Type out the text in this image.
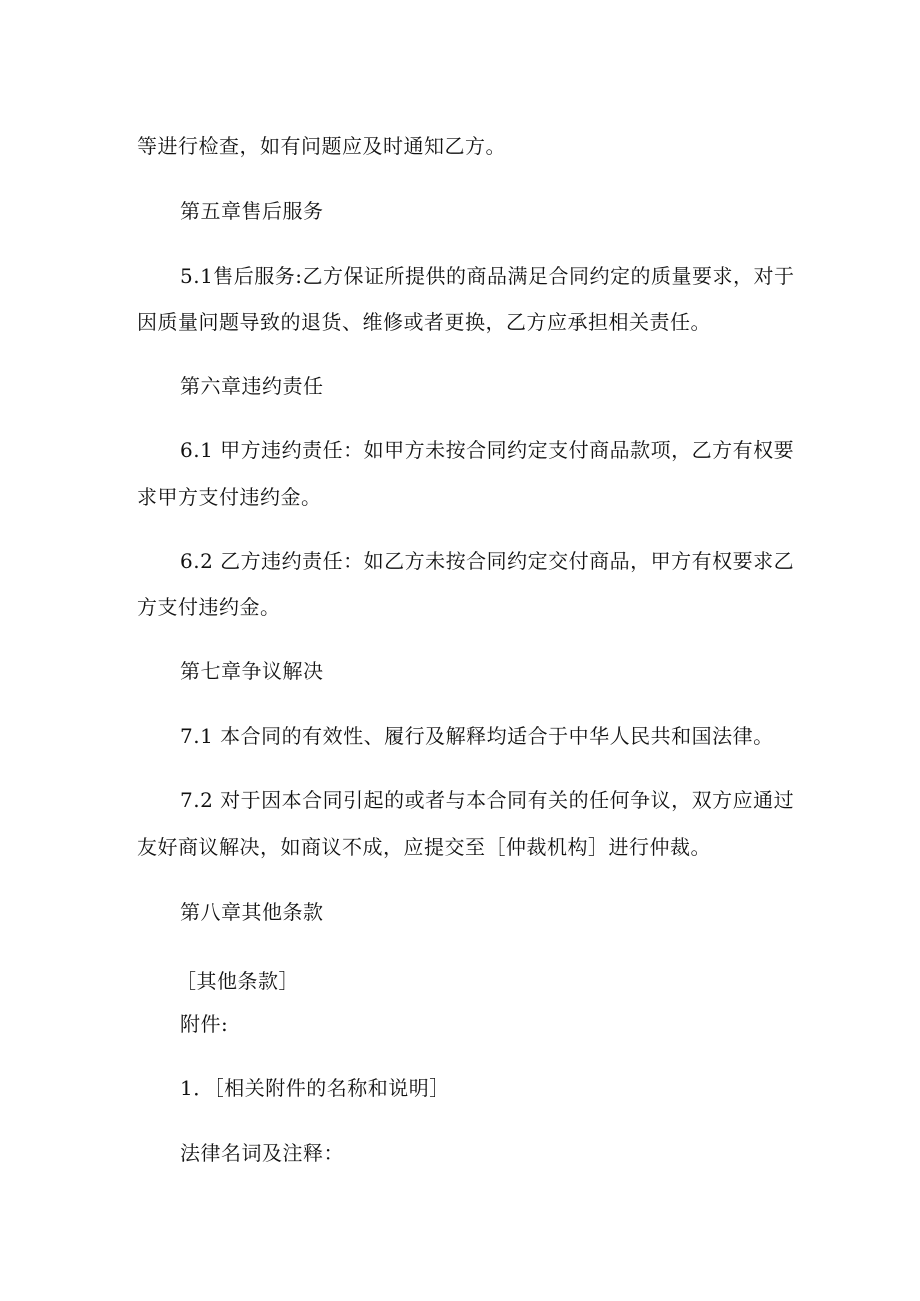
等进行检查，如有问题应及时通知乙方。
第五章售后服务
5.1售后服务:乙方保证所提供的商品满足合同约定的质量要求，对于
因质量问题导致的退货、维修或者更换，乙方应承担相关责任。
第六章违约责任
6.1 甲方违约责任：如甲方未按合同约定支付商品款项，乙方有权要
求甲方支付违约金。
6.2 乙方违约责任：如乙方未按合同约定交付商品，甲方有权要求乙
方支付违约金。
第七章争议解决
7.1 本合同的有效性、履行及解释均适合于中华人民共和国法律。
7.2 对于因本合同引起的或者与本合同有关的任何争议，双方应通过
友好商议解决，如商议不成，应提交至［仲裁机构］进行仲裁。
第八章其他条款
［其他条款］
附件:
1．［相关附件的名称和说明］
法律名词及注释：
